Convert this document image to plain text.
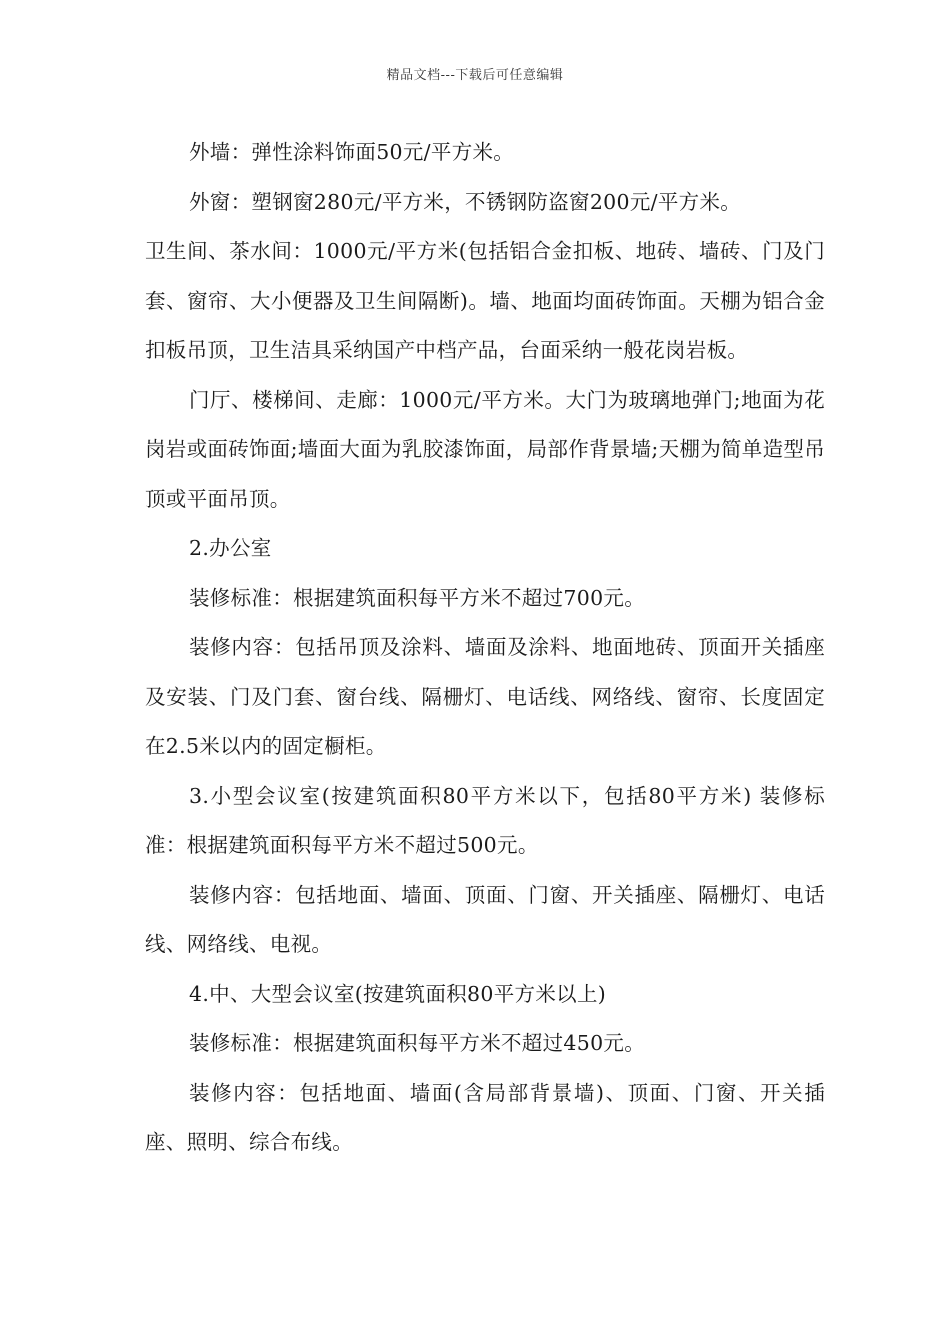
精品文档---下载后可任意编辑

外墙：弹性涂料饰面50元/平方米。

外窗：塑钢窗280元/平方米，不锈钢防盗窗200元/平方米。

卫生间、茶水间：1000元/平方米(包括铝合金扣板、地砖、墙砖、门及门套、窗帘、大小便器及卫生间隔断)。墙、地面均面砖饰面。天棚为铝合金扣板吊顶，卫生洁具采纳国产中档产品，台面采纳一般花岗岩板。

门厅、楼梯间、走廊：1000元/平方米。大门为玻璃地弹门;地面为花岗岩或面砖饰面;墙面大面为乳胶漆饰面，局部作背景墙;天棚为简单造型吊顶或平面吊顶。

2.办公室

装修标准：根据建筑面积每平方米不超过700元。

装修内容：包括吊顶及涂料、墙面及涂料、地面地砖、顶面开关插座及安装、门及门套、窗台线、隔栅灯、电话线、网络线、窗帘、长度固定在2.5米以内的固定橱柜。

3.小型会议室(按建筑面积80平方米以下，包括80平方米) 装修标准：根据建筑面积每平方米不超过500元。

装修内容：包括地面、墙面、顶面、门窗、开关插座、隔栅灯、电话线、网络线、电视。

4.中、大型会议室(按建筑面积80平方米以上)

装修标准：根据建筑面积每平方米不超过450元。

装修内容：包括地面、墙面(含局部背景墙)、顶面、门窗、开关插座、照明、综合布线。
